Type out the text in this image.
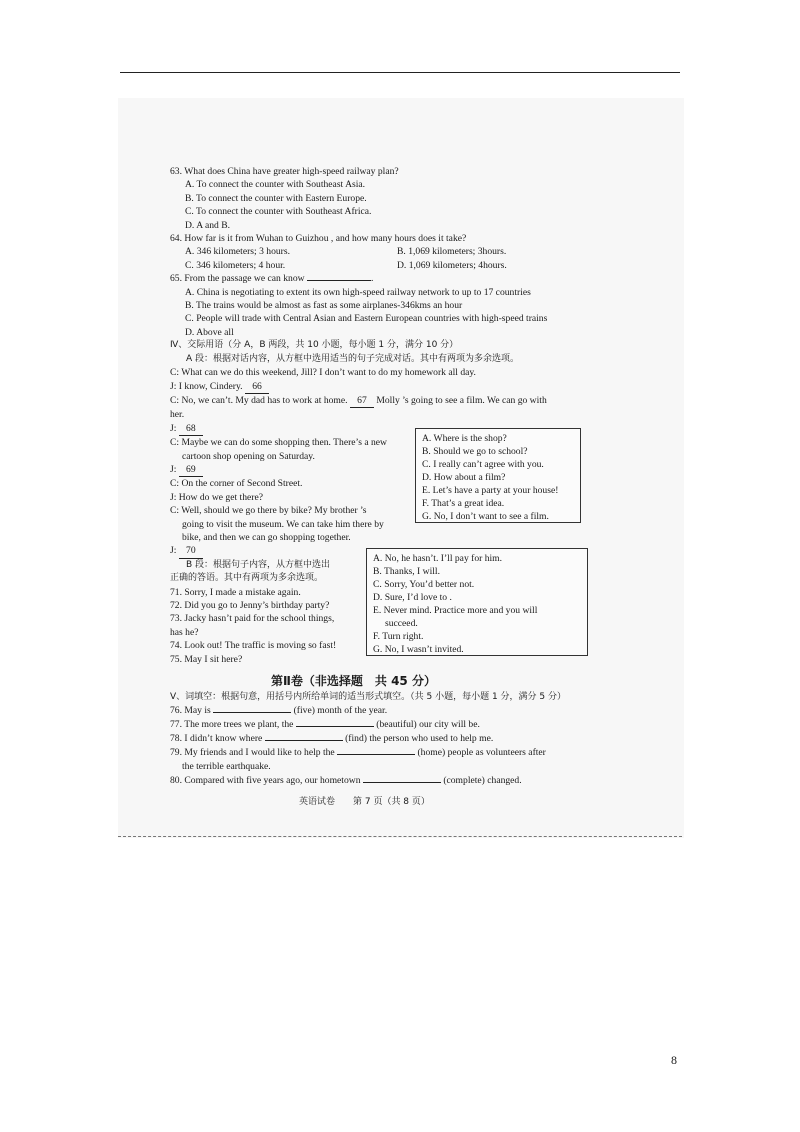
63. What does China have greater high-speed railway plan?
A. To connect the counter with Southeast Asia.
B. To connect the counter with Eastern Europe.
C. To connect the counter with Southeast Africa.
D. A and B.
64. How far is it from Wuhan to Guizhou , and how many hours does it take?
A. 346 kilometers; 3 hours.	B. 1,069 kilometers; 3hours.
C. 346 kilometers; 4 hour.	D. 1,069 kilometers; 4hours.
65. From the passage we can know	.
A. China is negotiating to extent its own high-speed railway network to up to 17 countries
B. The trains would be almost as fast as some airplanes-346kms an hour
C. People will trade with Central Asian and Eastern European countries with high-speed trains
D. Above all
Ⅳ、交际用语（分 A，B 两段，共 10 小题，每小题 1 分，满分 10 分）
A 段：根据对话内容，从方框中选用适当的句子完成对话。其中有两项为多余选项。
C: What can we do this weekend, Jill? I don’t want to do my homework all day.
J: I know, Cindery. 66
C: No, we can’t. My dad has to work at home. 67 Molly ’s going to see a film. We can go with
her.
J: 68
C: Maybe we can do some shopping then. There’s a new
cartoon shop opening on Saturday.
J: 69
C: On the corner of Second Street.
J: How do we get there?
C: Well, should we go there by bike? My brother ’s
going to visit the museum. We can take him there by
bike, and then we can go shopping together.
J: 70
B 段：根据句子内容，从方框中选出
正确的答语。其中有两项为多余选项。
71. Sorry, I made a mistake again.
72. Did you go to Jenny’s birthday party?
73. Jacky hasn’t paid for the school things,
has he?
74. Look out! The traffic is moving so fast!
75. May I sit here?
A. Where is the shop?
B. Should we go to school?
C. I really can’t agree with you.
D. How about a film?
E. Let’s have a party at your house!
F. That’s a great idea.
G. No, I don’t want to see a film.
A. No, he hasn’t. I’ll pay for him.
B. Thanks, I will.
C. Sorry, You’d better not.
D. Sure, I’d love to .
E. Never mind. Practice more and you will
succeed.
F. Turn right.
G. No, I wasn’t invited.
第Ⅱ卷（非选择题　共 45 分）
Ⅴ、词填空：根据句意，用括号内所给单词的适当形式填空。（共 5 小题，每小题 1 分，满分 5 分）
76. May is	(five) month of the year.
77. The more trees we plant, the	(beautiful) our city will be.
78. I didn’t know where	(find) the person who used to help me.
79. My friends and I would like to help the	(home) people as volunteers after
the terrible earthquake.
80. Compared with five years ago, our hometown	(complete) changed.
英语试卷　　第 7 页（共 8 页）
8
